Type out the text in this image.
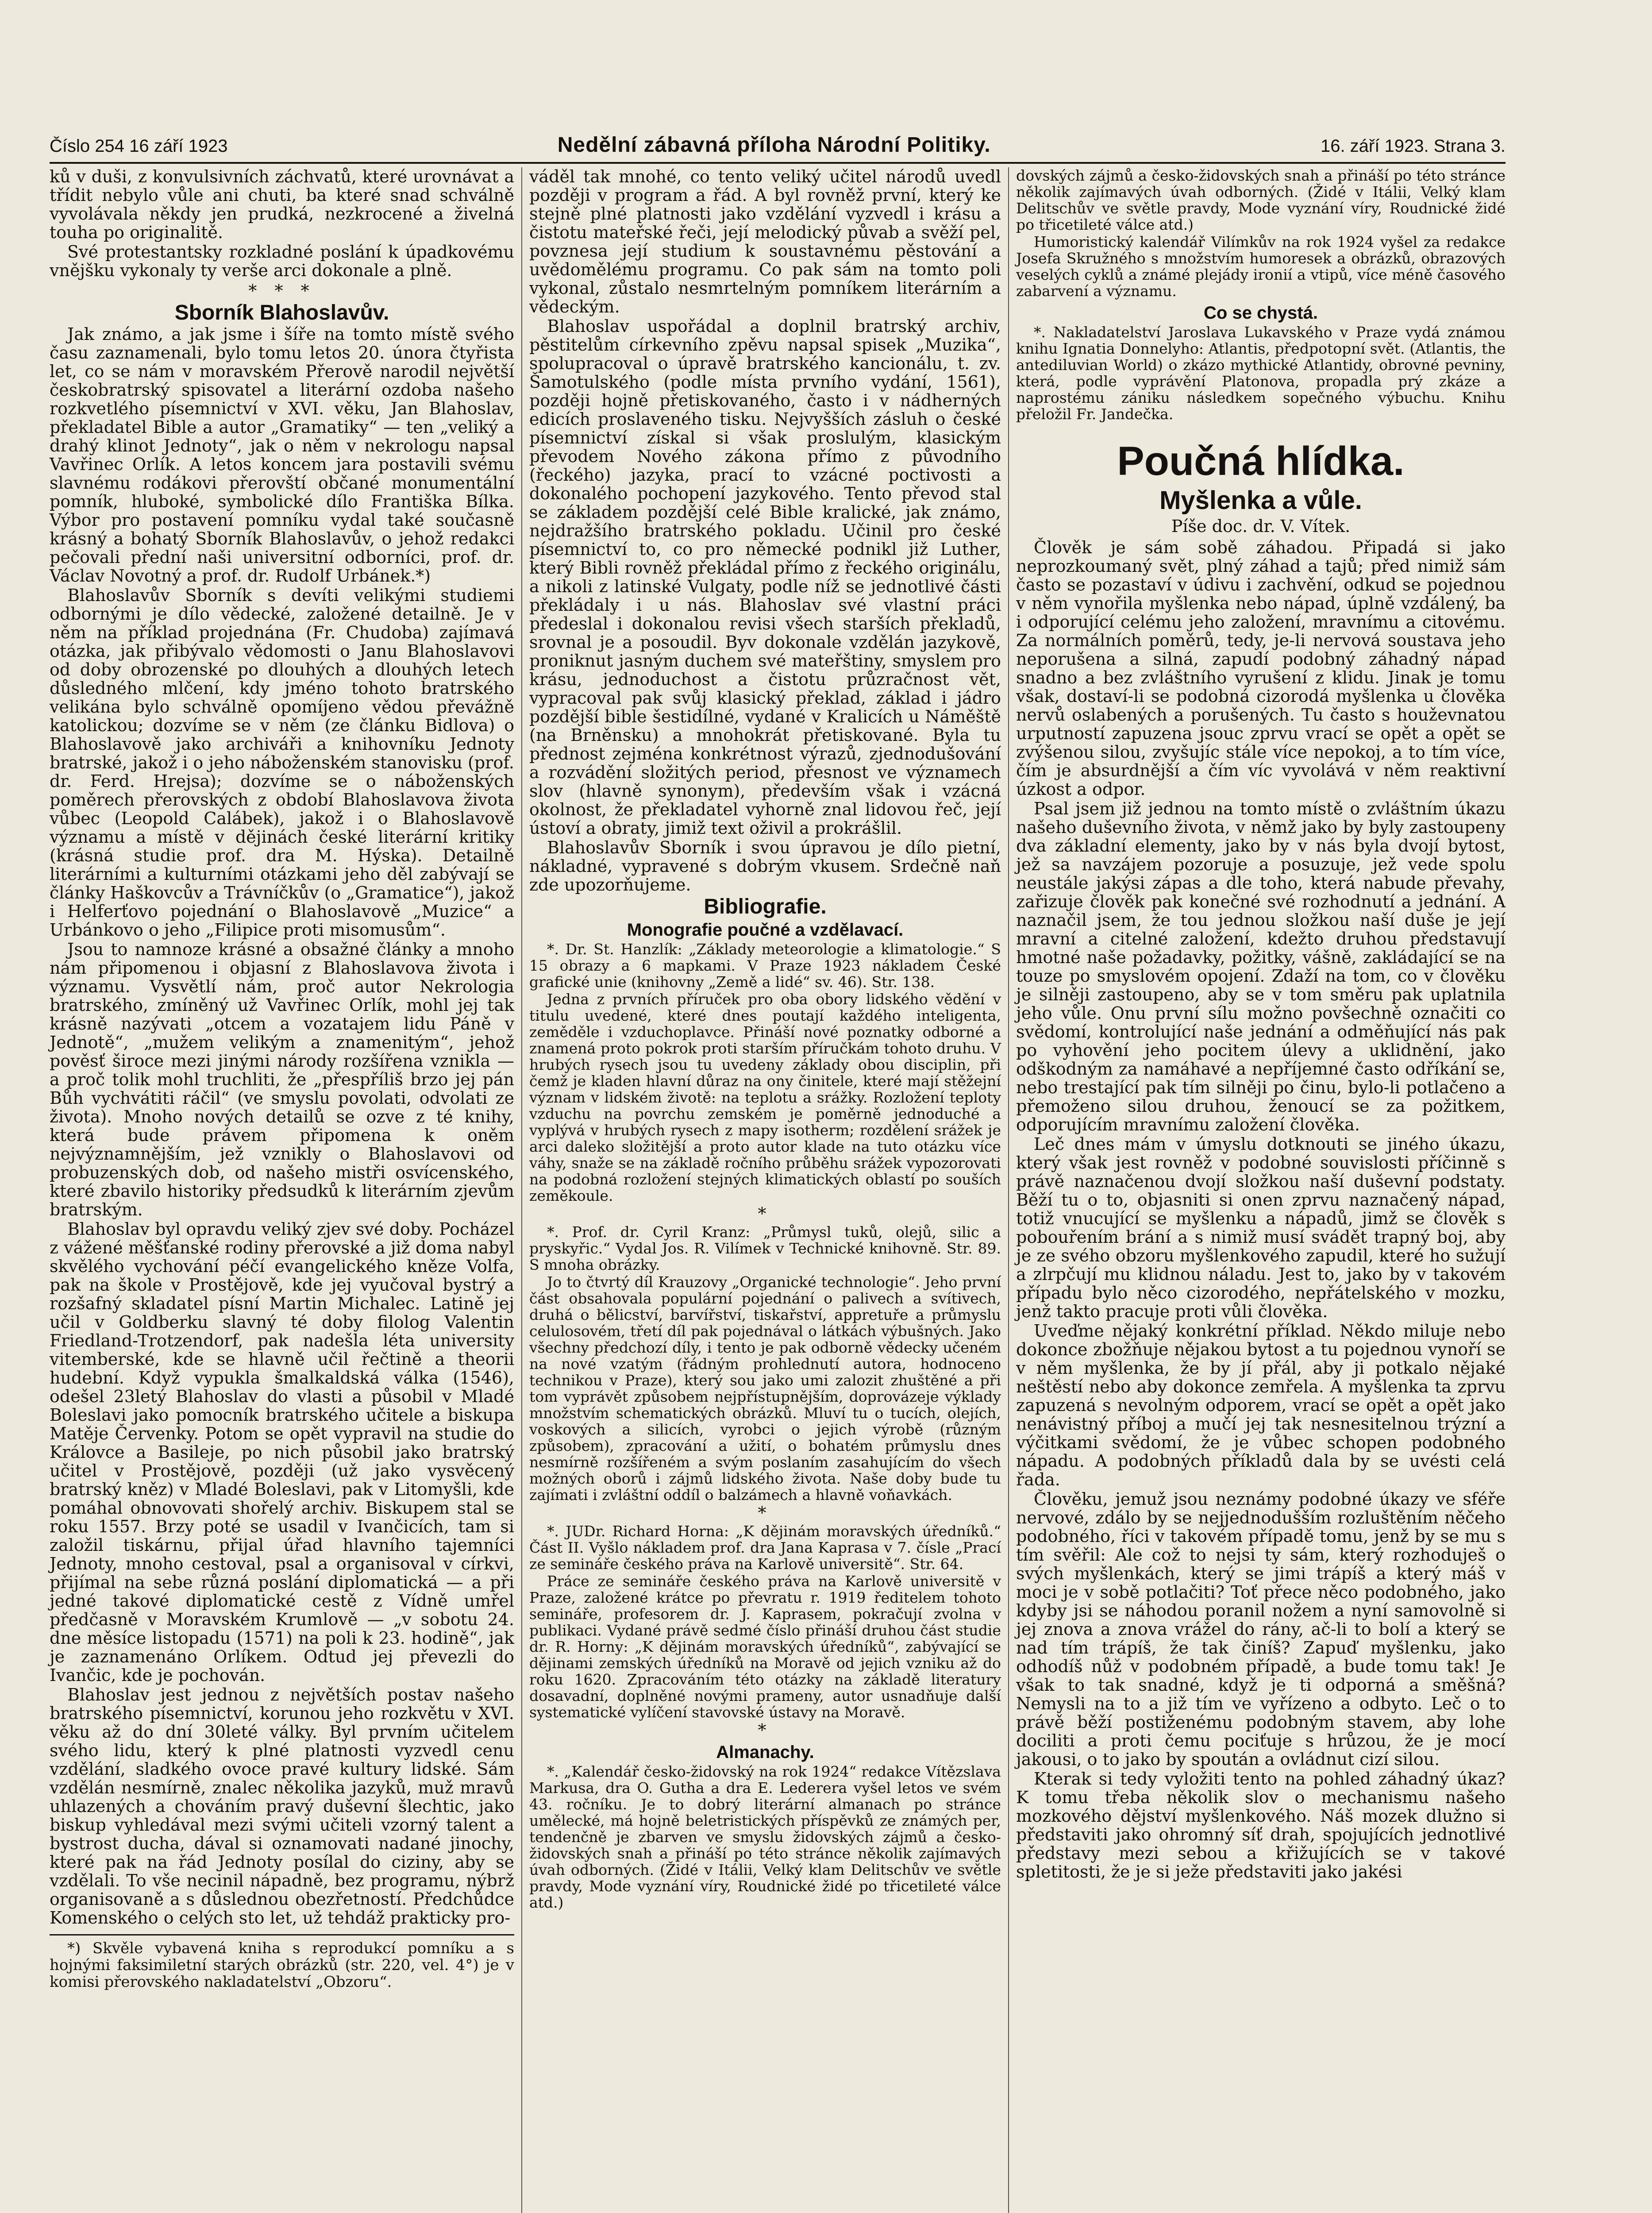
Číslo 254 16 září 1923	Nedělní zábavná příloha Národní Politiky.	16. září 1923. Strana 3.

ků v duši, z konvulsivních záchvatů, které urovnávat a třídit nebylo vůle ani chuti, ba které snad schválně vyvolávala někdy jen prudká, nezkrocené a živelná touha po originalitě.

Své protestantsky rozkladné poslání k úpadkovému vnějšku vykonaly ty verše arci dokonale a plně.

* * *
Sborník Blahoslavův.

Jak známo, a jak jsme i šíře na tomto místě svého času zaznamenali, bylo tomu letos 20. února čtyřista let, co se nám v moravském Přerově narodil největší českobratrský spisovatel a literární ozdoba našeho rozkvetlého písemnictví v XVI. věku, Jan Blahoslav, překladatel Bible a autor „Gramatiky“ — ten „veliký a drahý klinot Jednoty“, jak o něm v nekrologu napsal Vavřinec Orlík. A letos koncem jara postavili svému slavnému rodákovi přerovští občané monumentální pomník, hluboké, symbolické dílo Františka Bílka. Výbor pro postavení pomníku vydal také současně krásný a bohatý Sborník Blahoslavův, o jehož redakci pečovali přední naši universitní odborníci, prof. dr. Václav Novotný a prof. dr. Rudolf Urbánek.*)

Blahoslavův Sborník s devíti velikými studiemi odbornými je dílo vědecké, založené detailně. Je v něm na příklad projednána (Fr. Chudoba) zajímavá otázka, jak přibývalo vědomosti o Janu Blahoslavovi od doby obrozenské po dlouhých a dlouhých letech důsledného mlčení, kdy jméno tohoto bratrského velikána bylo schválně opomíjeno vědou převážně katolickou; dozvíme se v něm (ze článku Bidlova) o Blahoslavově jako archiváři a knihovníku Jednoty bratrské, jakož i o jeho náboženském stanovisku (prof. dr. Ferd. Hrejsa); dozvíme se o náboženských poměrech přerovských z období Blahoslavova života vůbec (Leopold Calábek), jakož i o Blahoslavově významu a místě v dějinách české literární kritiky (krásná studie prof. dra M. Hýska). Detailně literárními a kulturními otázkami jeho děl zabývají se články Haškovcův a Trávníčkův (o „Gramatice“), jakož i Helferťovo pojednání o Blahoslavově „Muzice“ a Urbánkovo o jeho „Filipice proti misomusům“.

Jsou to namnoze krásné a obsažné články a mnoho nám připomenou i objasní z Blahoslavova života i významu. Vysvětlí nám, proč autor Nekrologia bratrského, zmíněný už Vavřinec Orlík, mohl jej tak krásně nazývati „otcem a vozatajem lidu Páně v Jednotě“, „mužem velikým a znamenitým“, jehož pověsť široce mezi jinými národy rozšířena vznikla — a proč tolik mohl truchliti, že „přespříliš brzo jej pán Bůh vychvátiti ráčil“ (ve smyslu povolati, odvolati ze života). Mnoho nových detailů se ozve z té knihy, která bude právem připomena k oněm nejvýznamnějším, jež vznikly o Blahoslavovi od probuzenských dob, od našeho mistři osvícenského, které zbavilo historiky předsudků k literárním zjevům bratrským.

Blahoslav byl opravdu veliký zjev své doby. Pocházel z vážené měšťanské rodiny přerovské a již doma nabyl skvělého vychování péčí evangelického kněze Volfa, pak na škole v Prostějově, kde jej vyučoval bystrý a rozšafný skladatel písní Martin Michalec. Latině jej učil v Goldberku slavný té doby filolog Valentin Friedland-Trotzendorf, pak nadešla léta university vitemberské, kde se hlavně učil řečtině a theorii hudební. Když vypukla šmalkaldská válka (1546), odešel 23letý Blahoslav do vlasti a působil v Mladé Boleslavi jako pomocník bratrského učitele a biskupa Matěje Červenky. Potom se opět vypravil na studie do Královce a Basileje, po nich působil jako bratrský učitel v Prostějově, později (už jako vysvěcený bratrský kněz) v Mladé Boleslavi, pak v Litomyšli, kde pomáhal obnovovati shořelý archiv. Biskupem stal se roku 1557. Brzy poté se usadil v Ivančicích, tam si založil tiskárnu, přijal úřad hlavního tajemníci Jednoty, mnoho cestoval, psal a organisoval v církvi, přijímal na sebe různá poslání diplomatická — a při jedné takové diplomatické cestě z Vídně umřel předčasně v Moravském Krumlově — „v sobotu 24. dne měsíce listopadu (1571) na poli k 23. hodině“, jak je zaznamenáno Orlíkem. Odtud jej převezli do Ivančic, kde je pochován.

Blahoslav jest jednou z největších postav našeho bratrského písemnictví, korunou jeho rozkvětu v XVI. věku až do dní 30leté války. Byl prvním učitelem svého lidu, který k plné platnosti vyzvedl cenu vzdělání, sladkého ovoce pravé kultury lidské. Sám vzdělán nesmírně, znalec několika jazyků, muž mravů uhlazených a chováním pravý duševní šlechtic, jako biskup vyhledával mezi svými učiteli vzorný talent a bystrost ducha, dával si oznamovati nadané jinochy, které pak na řád Jednoty posílal do ciziny, aby se vzdělali. To vše necinil nápadně, bez programu, nýbrž organisovaně a s důslednou obezřetností. Předchůdce Komenského o celých sto let, už tehdáž prakticky pro-

*) Skvěle vybavená kniha s reprodukcí pomníku a s hojnými faksimiletní starých obrázků (str. 220, vel. 4°) je v komisi přerovského nakladatelství „Obzoru“.

váděl tak mnohé, co tento veliký učitel národů uvedl později v program a řád. A byl rovněž první, který ke stejně plné platnosti jako vzdělání vyzvedl i krásu a čistotu mateřské řeči, její melodický půvab a svěží pel, povznesa její studium k soustavnému pěstování a uvědomělému programu. Co pak sám na tomto poli vykonal, zůstalo nesmrtelným pomníkem literárním a vědeckým.

Blahoslav uspořádal a doplnil bratrský archiv, pěstitelům církevního zpěvu napsal spisek „Muzika“, spolupracoval o úpravě bratrského kancionálu, t. zv. Šamotulského (podle místa prvního vydání, 1561), později hojně přetiskovaného, často i v nádherných edicích proslaveného tisku. Nejvyšších zásluh o české písemnictví získal si však proslulým, klasickým převodem Nového zákona přímo z původního (řeckého) jazyka, prací to vzácné poctivosti a dokonalého pochopení jazykového. Tento převod stal se základem pozdější celé Bible kralické, jak známo, nejdražšího bratrského pokladu. Učinil pro české písemnictví to, co pro německé podnikl již Luther, který Bibli rovněž překládal přímo z řeckého originálu, a nikoli z latinské Vulgaty, podle níž se jednotlivé části překládaly i u nás. Blahoslav své vlastní práci předeslal i dokonalou revisi všech starších překladů, srovnal je a posoudil. Byv dokonale vzdělán jazykově, proniknut jasným duchem své mateřštiny, smyslem pro krásu, jednoduchost a čistotu průzračnost vět, vypracoval pak svůj klasický překlad, základ i jádro pozdější bible šestidílné, vydané v Kralicích u Náměště (na Brněnsku) a mnohokrát přetiskované. Byla tu přednost zejména konkrétnost výrazů, zjednodušování a rozvádění složitých period, přesnost ve významech slov (hlavně synonym), především však i vzácná okolnost, že překladatel vyhorně znal lidovou řeč, její ústoví a obraty, jimiž text oživil a prokrášlil.

Blahoslavův Sborník i svou úpravou je dílo pietní, nákladné, vypravené s dobrým vkusem. Srdečně naň zde upozorňujeme.

Bibliografie.
Monografie poučné a vzdělavací.

*. Dr. St. Hanzlík: „Základy meteorologie a klimatologie.“ S 15 obrazy a 6 mapkami. V Praze 1923 nákladem České grafické unie (knihovny „Země a lidé“ sv. 46). Str. 138.

Jedna z prvních příruček pro oba obory lidského vědění v titulu uvedené, které dnes poutají každého inteligenta, zeměděle i vzduchoplavce. Přináší nové poznatky odborné a znamená proto pokrok proti starším příručkám tohoto druhu. V hrubých rysech jsou tu uvedeny základy obou disciplin, při čemž je kladen hlavní důraz na ony činitele, které mají stěžejní význam v lidském životě: na teplotu a srážky. Rozložení teploty vzduchu na povrchu zemském je poměrně jednoduché a vyplývá v hrubých rysech z mapy isotherm; rozdělení srážek je arci daleko složitější a proto autor klade na tuto otázku více váhy, snaže se na základě ročního průběhu srážek vypozorovati na podobná rozložení stejných klimatických oblastí po souších zeměkoule.

*

*. Prof. dr. Cyril Kranz: „Průmysl tuků, olejů, silic a pryskyřic.“ Vydal Jos. R. Vilímek v Technické knihovně. Str. 89. S mnoha obrázky.

Jo to čtvrtý díl Krauzovy „Organické technologie“. Jeho první část obsahovala populární pojednání o palivech a svítivech, druhá o bělicství, barvířství, tiskařství, appretuře a průmyslu celulosovém, třetí díl pak pojednával o látkách výbušných. Jako všechny předchozí díly, i tento je pak odborně vědecky učeném na nové vzatým (řádným prohlednutí autora, hodnoceno technikou v Praze), který sou jako umi zalozit zhuštěné a při tom vyprávět způsobem nejpřístupnějším, doprovázeje výklady množstvím schematických obrázků. Mluví tu o tucích, olejích, voskových a silicích, vyrobci o jejich výrobě (různým způsobem), zpracování a užití, o bohatém průmyslu dnes nesmírně rozšířeném a svým poslaním zasahujícím do všech možných oborů i zájmů lidského života. Naše doby bude tu zajímati i zvláštní oddíl o balzámech a hlavně voňavkách.

*

*. JUDr. Richard Horna: „K dějinám moravských úředníků.“ Část II. Vyšlo nákladem prof. dra Jana Kaprasa v 7. čísle „Prací ze semináře českého práva na Karlově universitě“. Str. 64.

Práce ze semináře českého práva na Karlově universitě v Praze, založené krátce po převratu r. 1919 ředitelem tohoto semináře, profesorem dr. J. Kaprasem, pokračují zvolna v publikaci. Vydané právě sedmé číslo přináší druhou část studie dr. R. Horny: „K dějinám moravských úředníků“, zabývající se dějinami zemských úředníků na Moravě od jejich vzniku až do roku 1620. Zpracováním této otázky na základě literatury dosavadní, doplněné novými prameny, autor usnadňuje další systematické vylíčení stavovské ústavy na Moravě.

*
Almanachy.

*. „Kalendář česko-židovský na rok 1924“ redakce Vítězslava Markusa, dra O. Gutha a dra E. Lederera vyšel letos ve svém 43. ročníku. Je to dobrý literární almanach po stránce umělecké, má hojně beletristických příspěvků ze známých per, tendenčně je zbarven ve smyslu židovských zájmů a česko-židovských snah a přináší po této stránce několik zajímavých úvah odborných. (Židé v Itálii, Velký klam Delitschův ve světle pravdy, Mode vyznání víry, Roudnické židé po třicetileté válce atd.)

dovských zájmů a česko-židovských snah a přináší po této stránce několik zajímavých úvah odborných. (Židé v Itálii, Velký klam Delitschův ve světle pravdy, Mode vyznání víry, Roudnické židé po třicetileté válce atd.)

Humoristický kalendář Vilímkův na rok 1924 vyšel za redakce Josefa Skružného s množstvím humoresek a obrázků, obrazových veselých cyklů a známé plejády ironií a vtipů, více méně časového zabarvení a významu.

Co se chystá.

*. Nakladatelství Jaroslava Lukavského v Praze vydá známou knihu Ignatia Donnelyho: Atlantis, předpotopní svět. (Atlantis, the antediluvian World) o zkázo mythické Atlantidy, obrovné pevniny, která, podle vyprávění Platonova, propadla prý zkáze a naprostému zániku následkem sopečného výbuchu. Knihu přeložil Fr. Jandečka.

Poučná hlídka.
Myšlenka a vůle.
Píše doc. dr. V. Vítek.

Člověk je sám sobě záhadou. Připadá si jako neprozkoumaný svět, plný záhad a tajů; před nimiž sám často se pozastaví v údivu i zachvění, odkud se pojednou v něm vynořila myšlenka nebo nápad, úplně vzdálený, ba i odporující celému jeho založení, mravnímu a citovému. Za normálních poměrů, tedy, je-li nervová soustava jeho neporušena a silná, zapudí podobný záhadný nápad snadno a bez zvláštního vyrušení z klidu. Jinak je tomu však, dostaví-li se podobná cizorodá myšlenka u člověka nervů oslabených a porušených. Tu často s houževnatou urputností zapuzena jsouc zprvu vrací se opět a opět se zvýšenou silou, zvyšujíc stále více nepokoj, a to tím více, čím je absurdnější a čím víc vyvolává v něm reaktivní úzkost a odpor.

Psal jsem již jednou na tomto místě o zvláštním úkazu našeho duševního života, v němž jako by byly zastoupeny dva základní elementy, jako by v nás byla dvojí bytost, jež sa navzájem pozoruje a posuzuje, jež vede spolu neustále jakýsi zápas a dle toho, která nabude převahy, zařizuje člověk pak konečné své rozhodnutí a jednání. A naznačil jsem, že tou jednou složkou naší duše je její mravní a citelné založení, kdežto druhou představují hmotné naše požadavky, požitky, vášně, zakládající se na touze po smyslovém opojení. Zdaží na tom, co v člověku je silněji zastoupeno, aby se v tom směru pak uplatnila jeho vůle. Onu první sílu možno povšechně označiti co svědomí, kontrolující naše jednání a odměňující nás pak po vyhovění jeho pocitem úlevy a uklidnění, jako odškodným za namáhavé a nepříjemné často odříkání se, nebo trestající pak tím silněji po činu, bylo-li potlačeno a přemoženo silou druhou, ženoucí se za požitkem, odporujícím mravnímu založení člověka.

Leč dnes mám v úmyslu dotknouti se jiného úkazu, který však jest rovněž v podobné souvislosti příčinně s právě naznačenou dvojí složkou naší duševní podstaty. Běží tu o to, objasniti si onen zprvu naznačený nápad, totiž vnucující se myšlenku a nápadů, jimž se člověk s pobouřením brání a s nimiž musí svádět trapný boj, aby je ze svého obzoru myšlenkového zapudil, které ho sužují a zlrpčují mu klidnou náladu. Jest to, jako by v takovém případu bylo něco cizorodého, nepřátelského v mozku, jenž takto pracuje proti vůli člověka.

Uveďme nějaký konkrétní příklad. Někdo miluje nebo dokonce zbožňuje nějakou bytost a tu pojednou vynoří se v něm myšlenka, že by jí přál, aby ji potkalo nějaké neštěstí nebo aby dokonce zemřela. A myšlenka ta zprvu zapuzená s nevolným odporem, vrací se opět a opět jako nenávistný příboj a mučí jej tak nesnesitelnou trýzní a výčitkami svědomí, že je vůbec schopen podobného nápadu. A podobných příkladů dala by se uvésti celá řada.

Člověku, jemuž jsou neznámy podobné úkazy ve sféře nervové, zdálo by se nejjednodušším rozluštěním něčeho podobného, říci v takovém případě tomu, jenž by se mu s tím svěřil: Ale což to nejsi ty sám, který rozhoduješ o svých myšlenkách, který se jimi trápíš a který máš v moci je v sobě potlačiti? Toť přece něco podobného, jako kdyby jsi se náhodou poranil nožem a nyní samovolně si jej znova a znova vrážel do rány, ač-li to bolí a který se nad tím trápíš, že tak činíš? Zapuď myšlenku, jako odhodíš nůž v podobném případě, a bude tomu tak! Je však to tak snadné, když je ti odporná a směšná? Nemysli na to a již tím ve vyřízeno a odbyto. Leč o to právě běží postiženému podobným stavem, aby lohe dociliti a proti čemu pociťuje s hrůzou, že je mocí jakousi, o to jako by spoután a ovládnut cizí silou.

Kterak si tedy vyložiti tento na pohled záhadný úkaz? K tomu třeba několik slov o mechanismu našeho mozkového dějství myšlenkového. Náš mozek dlužno si představiti jako ohromný síť drah, spojujících jednotlivé představy mezi sebou a křižujících se v takové spletitosti, že je si ježe představiti jako jakési
